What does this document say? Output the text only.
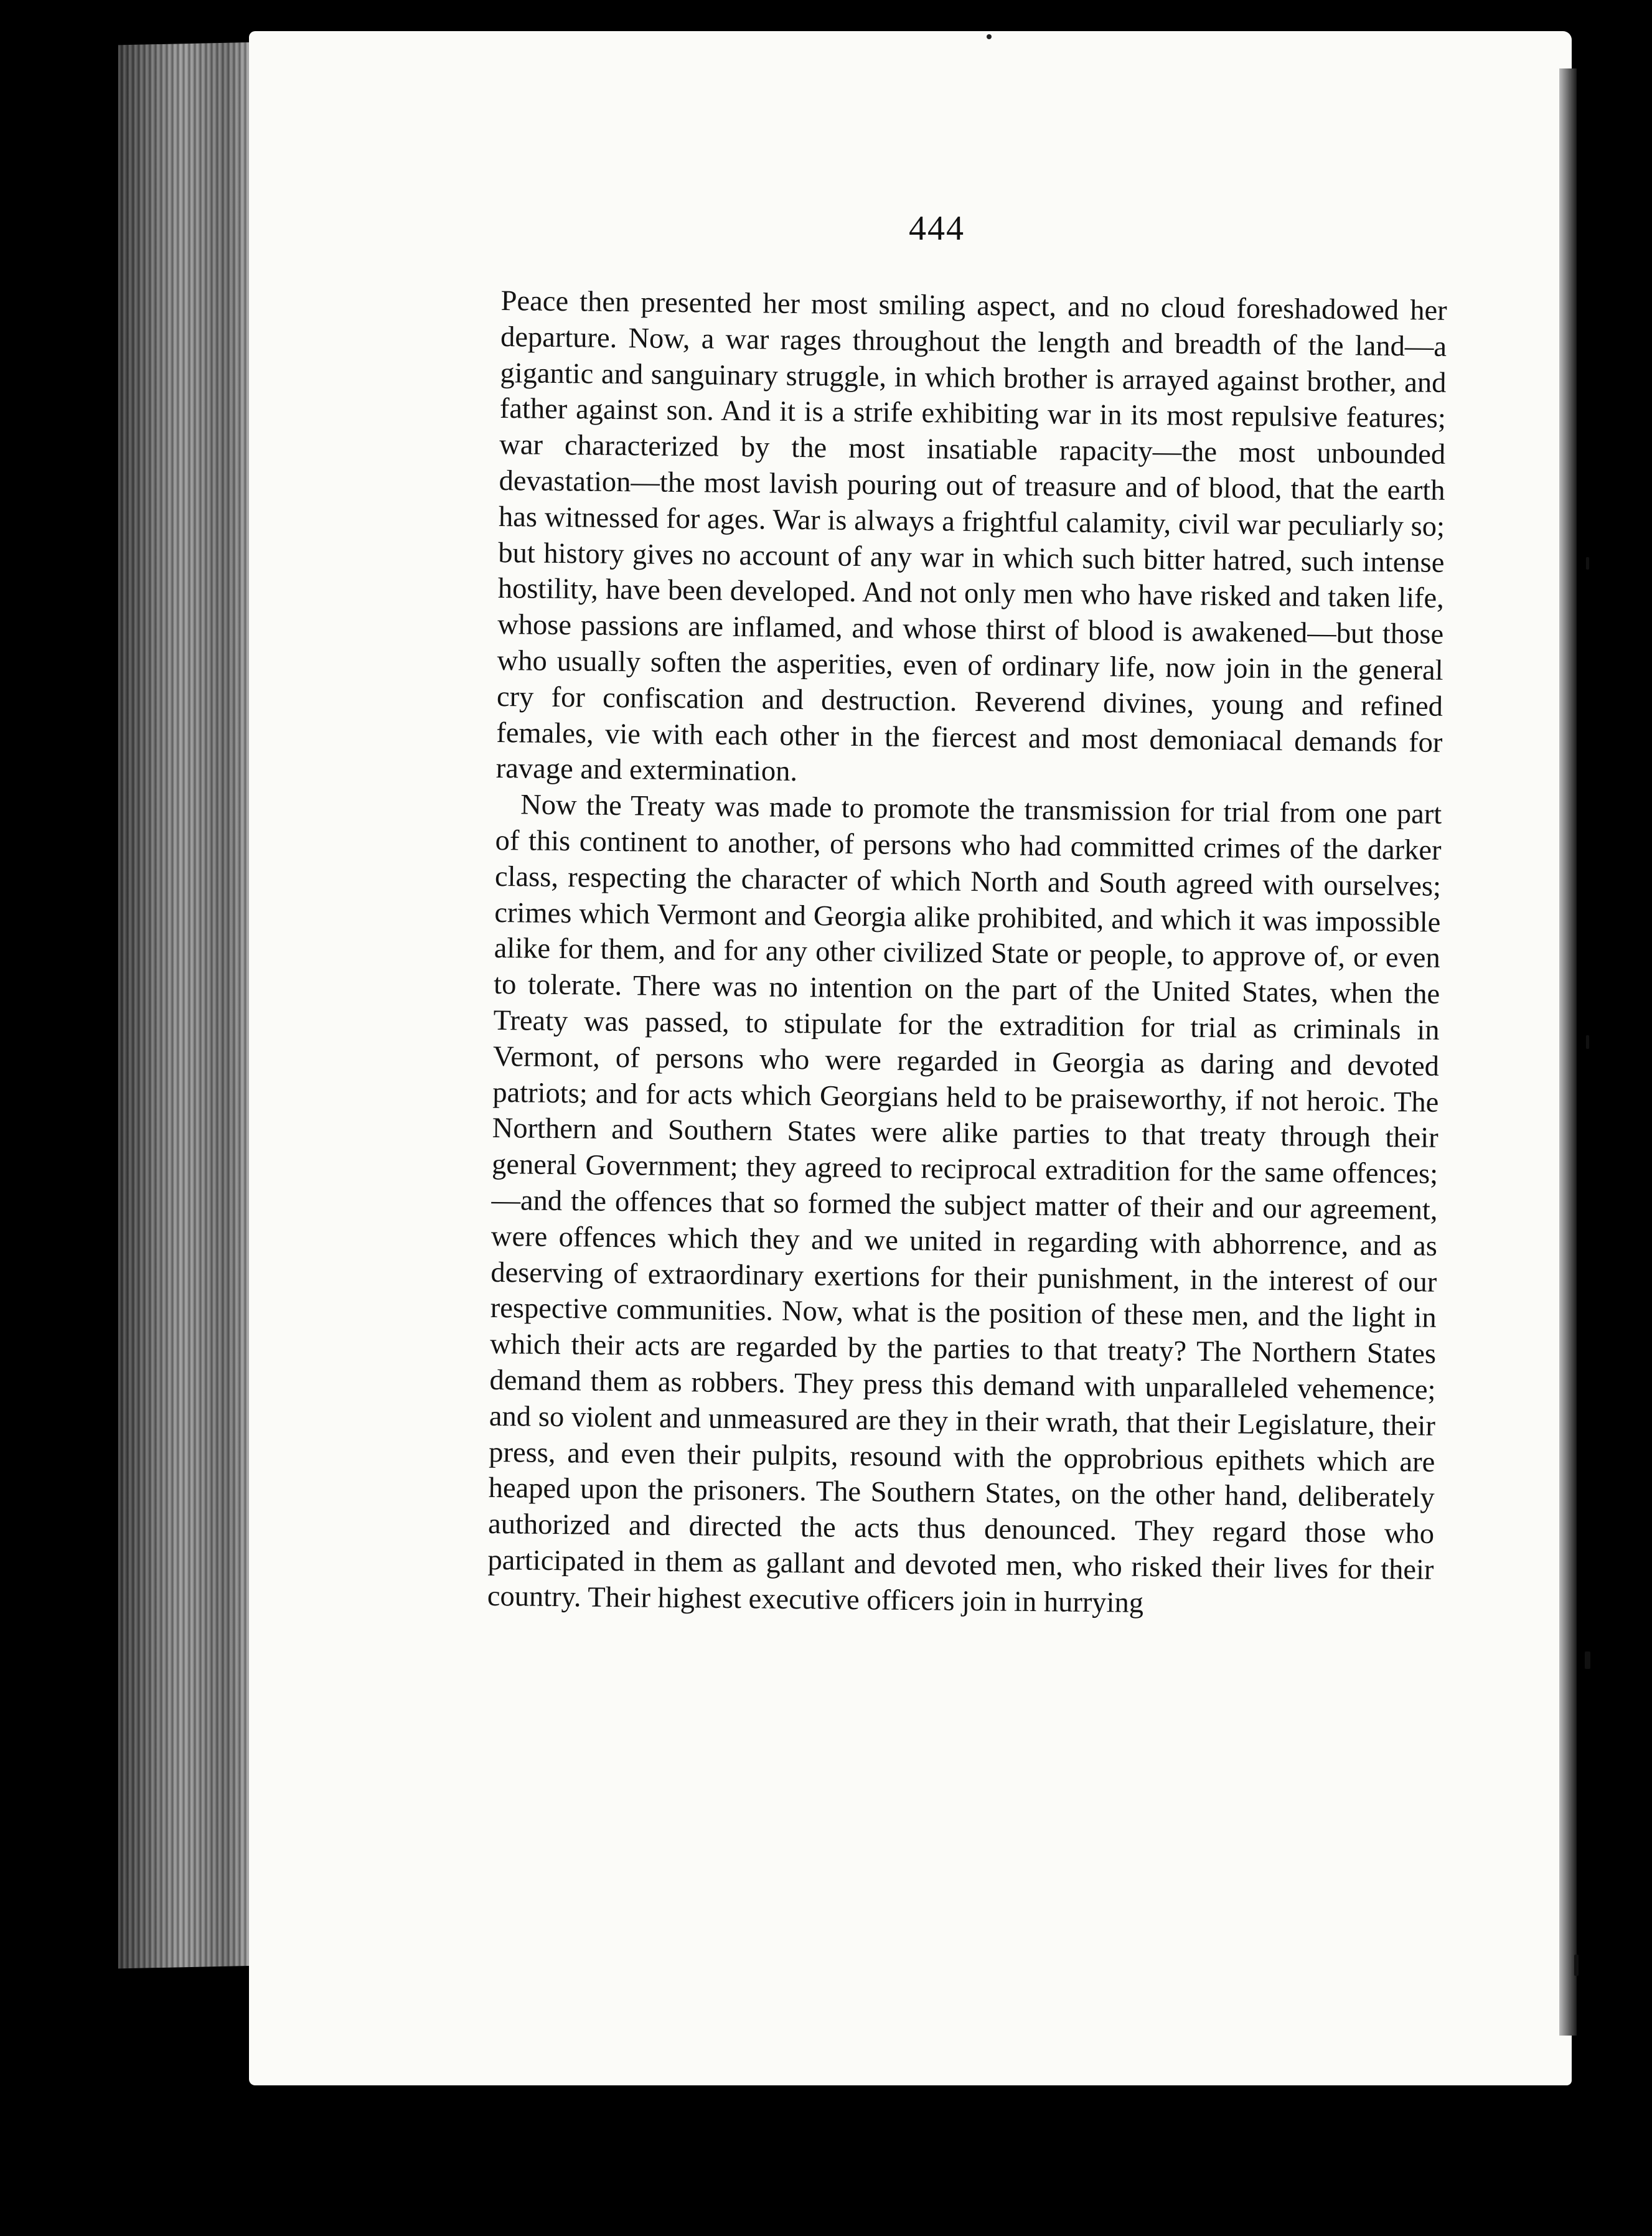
444

Peace then presented her most smiling aspect, and no cloud foreshadowed her departure. Now, a war rages throughout the length and breadth of the land—a gigantic and sanguinary struggle, in which brother is arrayed against brother, and father against son. And it is a strife exhibiting war in its most repulsive features; war characterized by the most insatiable rapacity—the most unbounded devastation—the most lavish pouring out of treasure and of blood, that the earth has witnessed for ages. War is always a frightful calamity, civil war peculiarly so; but history gives no account of any war in which such bitter hatred, such intense hostility, have been developed. And not only men who have risked and taken life, whose passions are inflamed, and whose thirst of blood is awakened—but those who usually soften the asperities, even of ordinary life, now join in the general cry for confiscation and destruction. Reverend divines, young and refined females, vie with each other in the fiercest and most demoniacal demands for ravage and extermination.

Now the Treaty was made to promote the transmission for trial from one part of this continent to another, of persons who had committed crimes of the darker class, respecting the character of which North and South agreed with ourselves; crimes which Vermont and Georgia alike prohibited, and which it was impossible alike for them, and for any other civilized State or people, to approve of, or even to tolerate. There was no intention on the part of the United States, when the Treaty was passed, to stipulate for the extradition for trial as criminals in Vermont, of persons who were regarded in Georgia as daring and devoted patriots; and for acts which Georgians held to be praiseworthy, if not heroic. The Northern and Southern States were alike parties to that treaty through their general Government; they agreed to reciprocal extradition for the same offences;—and the offences that so formed the subject matter of their and our agreement, were offences which they and we united in regarding with abhorrence, and as deserving of extraordinary exertions for their punishment, in the interest of our respective communities. Now, what is the position of these men, and the light in which their acts are regarded by the parties to that treaty? The Northern States demand them as robbers. They press this demand with unparalleled vehemence; and so violent and unmeasured are they in their wrath, that their Legislature, their press, and even their pulpits, resound with the opprobrious epithets which are heaped upon the prisoners. The Southern States, on the other hand, deliberately authorized and directed the acts thus denounced. They regard those who participated in them as gallant and devoted men, who risked their lives for their country. Their highest executive officers join in hurrying
